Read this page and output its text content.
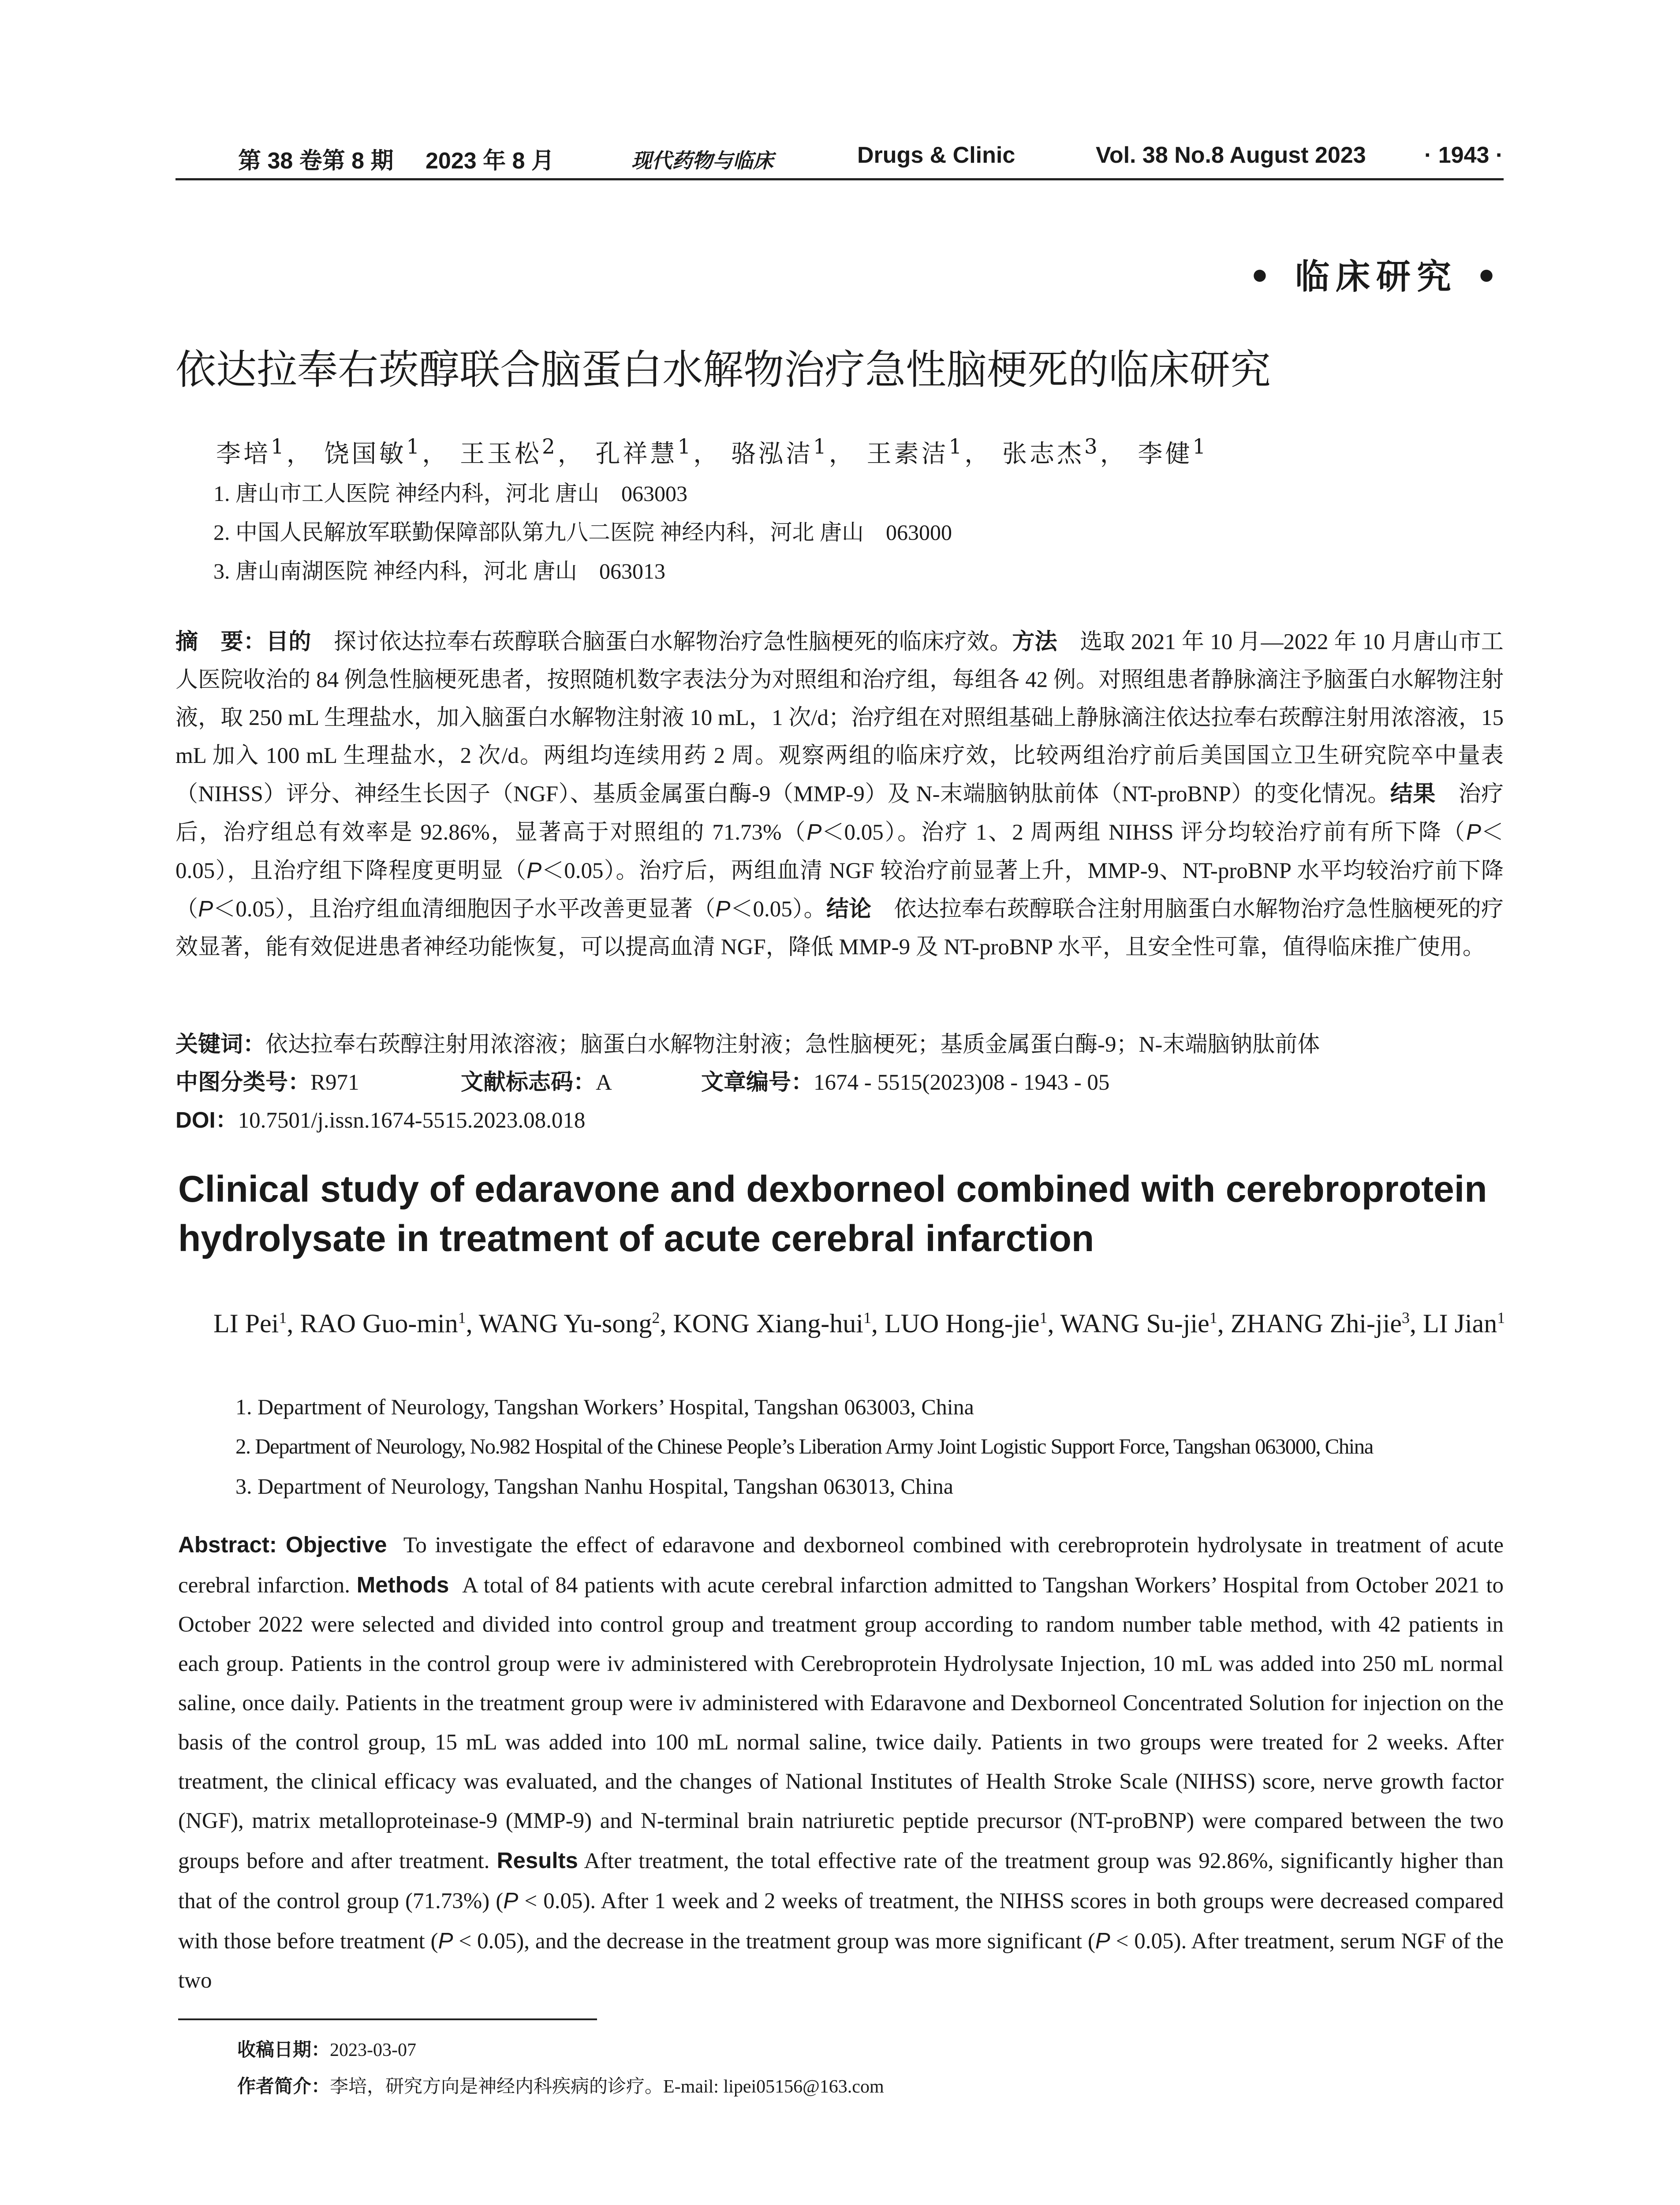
第 38 卷第 8 期 2023 年 8 月	现代药物与临床	Drugs & Clinic	Vol. 38 No.8 August 2023	· 1943 ·
• 临床研究 •
依达拉奉右莰醇联合脑蛋白水解物治疗急性脑梗死的临床研究
李培$^1$， 饶国敏$^1$， 王玉松$^2$， 孔祥慧$^1$， 骆泓洁$^1$， 王素洁$^1$， 张志杰$^3$， 李健$^1$
1. 唐山市工人医院 神经内科，河北 唐山　063003
2. 中国人民解放军联勤保障部队第九八二医院 神经内科，河北 唐山　063000
3. 唐山南湖医院 神经内科，河北 唐山　063013
摘　要：目的　 探讨依达拉奉右莰醇联合脑蛋白水解物治疗急性脑梗死的临床疗效。方法　 选取 2021 年 10 月—2022 年 10 月唐山市工人医院收治的 84 例急性脑梗死患者，按照随机数字表法分为对照组和治疗组，每组各 42 例。对照组患者静脉滴注予脑蛋白水解物注射液，取 250 mL 生理盐水，加入脑蛋白水解物注射液 10 mL，1 次/d；治疗组在对照组基础上静脉滴注依达拉奉右莰醇注射用浓溶液，15 mL 加入 100 mL 生理盐水，2 次/d。两组均连续用药 2 周。观察两组的临床疗效，比较两组治疗前后美国国立卫生研究院卒中量表（NIHSS）评分、神经生长因子（NGF）、基质金属蛋白酶-9（MMP-9）及 N-末端脑钠肽前体（NT-proBNP）的变化情况。结果　 治疗后，治疗组总有效率是 92.86%，显著高于对照组的 71.73%（P＜0.05）。治疗 1、2 周两组 NIHSS 评分均较治疗前有所下降（P＜0.05），且治疗组下降程度更明显（P＜0.05）。治疗后，两组血清 NGF 较治疗前显著上升，MMP-9、NT-proBNP 水平均较治疗前下降（P＜0.05），且治疗组血清细胞因子水平改善更显著（P＜0.05）。结论　 依达拉奉右莰醇联合注射用脑蛋白水解物治疗急性脑梗死的疗效显著，能有效促进患者神经功能恢复，可以提高血清 NGF，降低 MMP-9 及 NT-proBNP 水平，且安全性可靠，值得临床推广使用。
关键词：依达拉奉右莰醇注射用浓溶液；脑蛋白水解物注射液；急性脑梗死；基质金属蛋白酶-9；N-末端脑钠肽前体
中图分类号：R971	文献标志码：A	文章编号：1674 - 5515(2023)08 - 1943 - 05
DOI：10.7501/j.issn.1674-5515.2023.08.018
Clinical study of edaravone and dexborneol combined with cerebroprotein hydrolysate in treatment of acute cerebral infarction
LI Pei$^1$, RAO Guo-$\min^1$, WANG Yu-song$^2$, KONG Xiang-hui$^1$, LUO Hong-jie$^1$, WANG Su-jie$^1$, ZHANG Zhi-jie$^3$, LI Jian$^1$
1. Department of Neurology, Tangshan Workers’ Hospital, Tangshan 063003, China
2. Department of Neurology, No.982 Hospital of the Chinese People’s Liberation Army Joint Logistic Support Force, Tangshan 063000, China
3. Department of Neurology, Tangshan Nanhu Hospital, Tangshan 063013, China
Abstract: Objective To investigate the effect of edaravone and dexborneol combined with cerebroprotein hydrolysate in treatment of acute cerebral infarction. Methods A total of 84 patients with acute cerebral infarction admitted to Tangshan Workers’ Hospital from October 2021 to October 2022 were selected and divided into control group and treatment group according to random number table method, with 42 patients in each group. Patients in the control group were iv administered with Cerebroprotein Hydrolysate Injection, 10 mL was added into 250 mL normal saline, once daily. Patients in the treatment group were iv administered with Edaravone and Dexborneol Concentrated Solution for injection on the basis of the control group, 15 mL was added into 100 mL normal saline, twice daily. Patients in two groups were treated for 2 weeks. After treatment, the clinical efficacy was evaluated, and the changes of National Institutes of Health Stroke Scale (NIHSS) score, nerve growth factor (NGF), matrix metalloproteinase-9 (MMP-9) and N-terminal brain natriuretic peptide precursor (NT-proBNP) were compared between the two groups before and after treatment. Results After treatment, the total effective rate of the treatment group was 92.86%, significantly higher than that of the control group (71.73%) (P < 0.05). After 1 week and 2 weeks of treatment, the NIHSS scores in both groups were decreased compared with those before treatment (P < 0.05), and the decrease in the treatment group was more significant (P < 0.05). After treatment, serum NGF of the two
收稿日期：2023-03-07
作者简介：李培，研究方向是神经内科疾病的诊疗。E-mail: lipei05156@163.com
